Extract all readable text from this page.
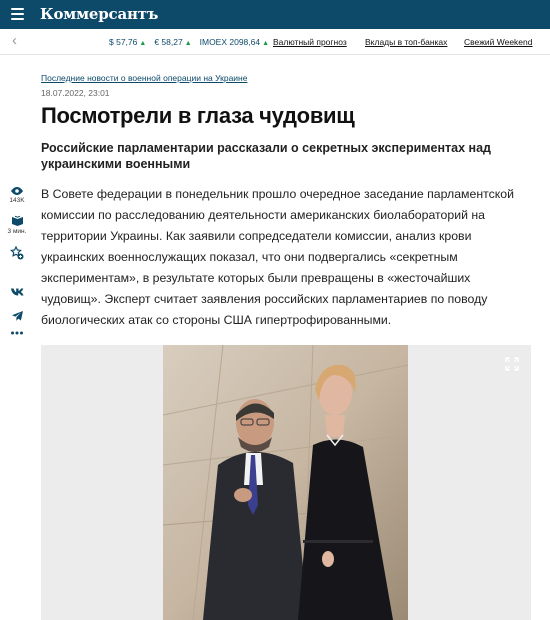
Коммерсантъ
‹	$ 57,76 ▲ € 58,27 ▲ IMOEX 2098,64 ▲ Валютный прогноз Вклады в топ-банках Свежий Weekend
Последние новости о военной операции на Украине
18.07.2022, 23:01
Посмотрели в глаза чудовищ
Российские парламентарии рассказали о секретных экспериментах над украинскими военными
143K
3 мин.

В Совете федерации в понедельник прошло очередное заседание парламентской комиссии по расследованию деятельности американских биолабораторий на территории Украины. Как заявили сопредседатели комиссии, анализ крови украинских военнослужащих показал, что они подвергались «секретным экспериментам», в результате которых были превращены в «жесточайших чудовищ». Эксперт считает заявления российских парламентариев по поводу биологических атак со стороны США гипертрофированными.
